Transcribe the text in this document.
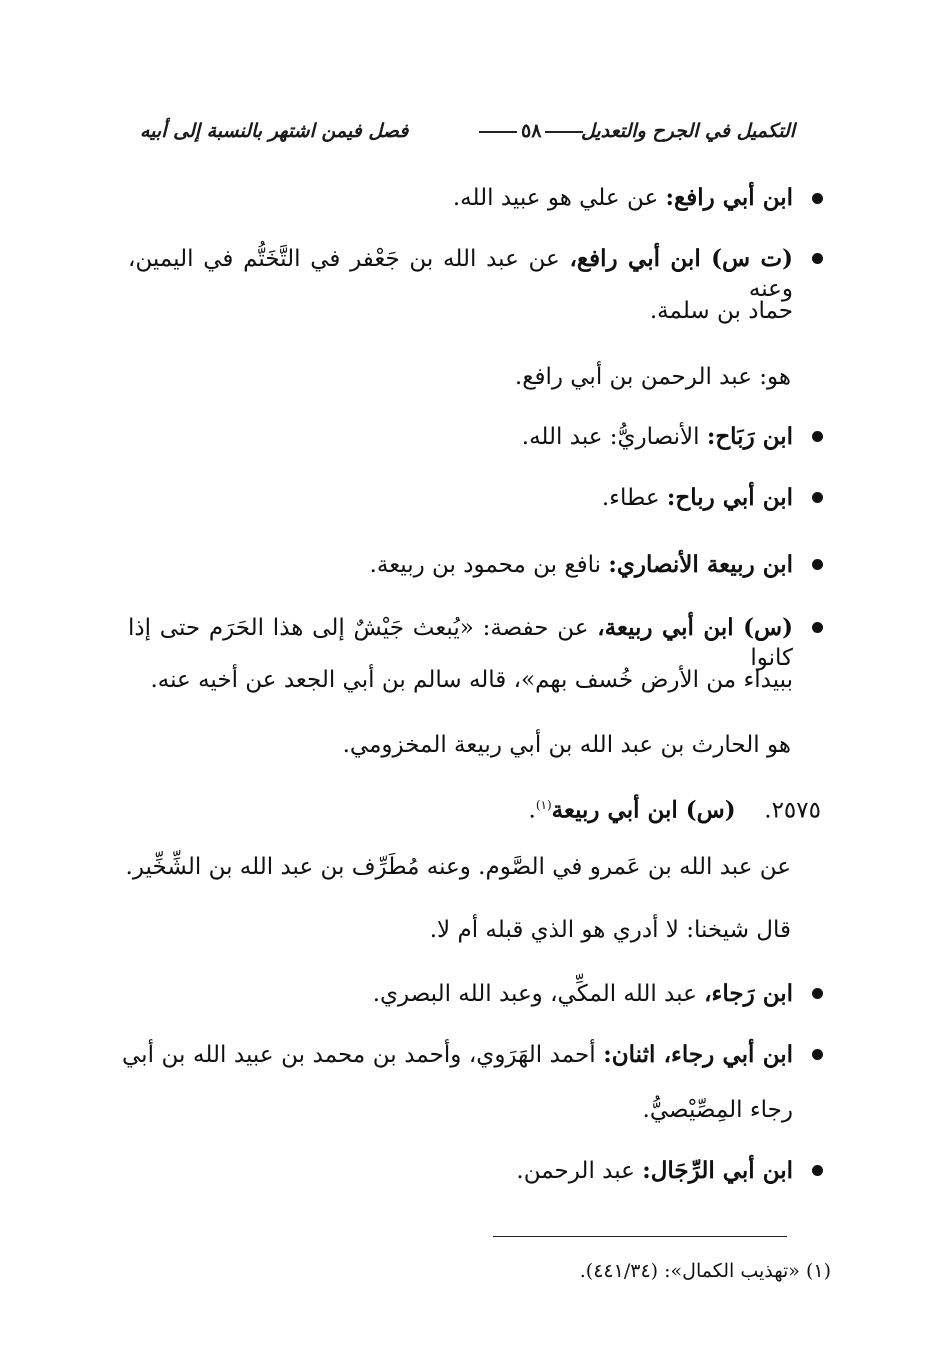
التكميل في الجرح والتعديل
٥٨
فصل فيمن اشتهر بالنسبة إلى أبيه
ابن أبي رافع: عن علي هو عبيد الله.
(ت س) ابن أبي رافع، عن عبد الله بن جَعْفر في التَّخَتُّم في اليمين، وعنه
حماد بن سلمة.
هو: عبد الرحمن بن أبي رافع.
ابن رَبَاح: الأنصاريُّ: عبد الله.
ابن أبي رباح: عطاء.
ابن ربيعة الأنصاري: نافع بن محمود بن ربيعة.
(س) ابن أبي ربيعة، عن حفصة: «يُبعث جَيْشٌ إلى هذا الحَرَم حتى إذا كانوا
ببيداء من الأرض خُسف بهم»، قاله سالم بن أبي الجعد عن أخيه عنه.
هو الحارث بن عبد الله بن أبي ربيعة المخزومي.
٢٥٧٥.  (س) ابن أبي ربيعة$^{(١)}$.
عن عبد الله بن عَمرو في الصَّوم. وعنه مُطَرِّف بن عبد الله بن الشِّخِّير.
قال شيخنا: لا أدري هو الذي قبله أم لا.
ابن رَجاء، عبد الله المكِّي، وعبد الله البصري.
ابن أبي رجاء، اثنان: أحمد الهَرَوي، وأحمد بن محمد بن عبيد الله بن أبي
رجاء المِصِّيْصيُّ.
ابن أبي الرِّجَال: عبد الرحمن.
(١) «تهذيب الكمال»: (٤٤١/٣٤).
